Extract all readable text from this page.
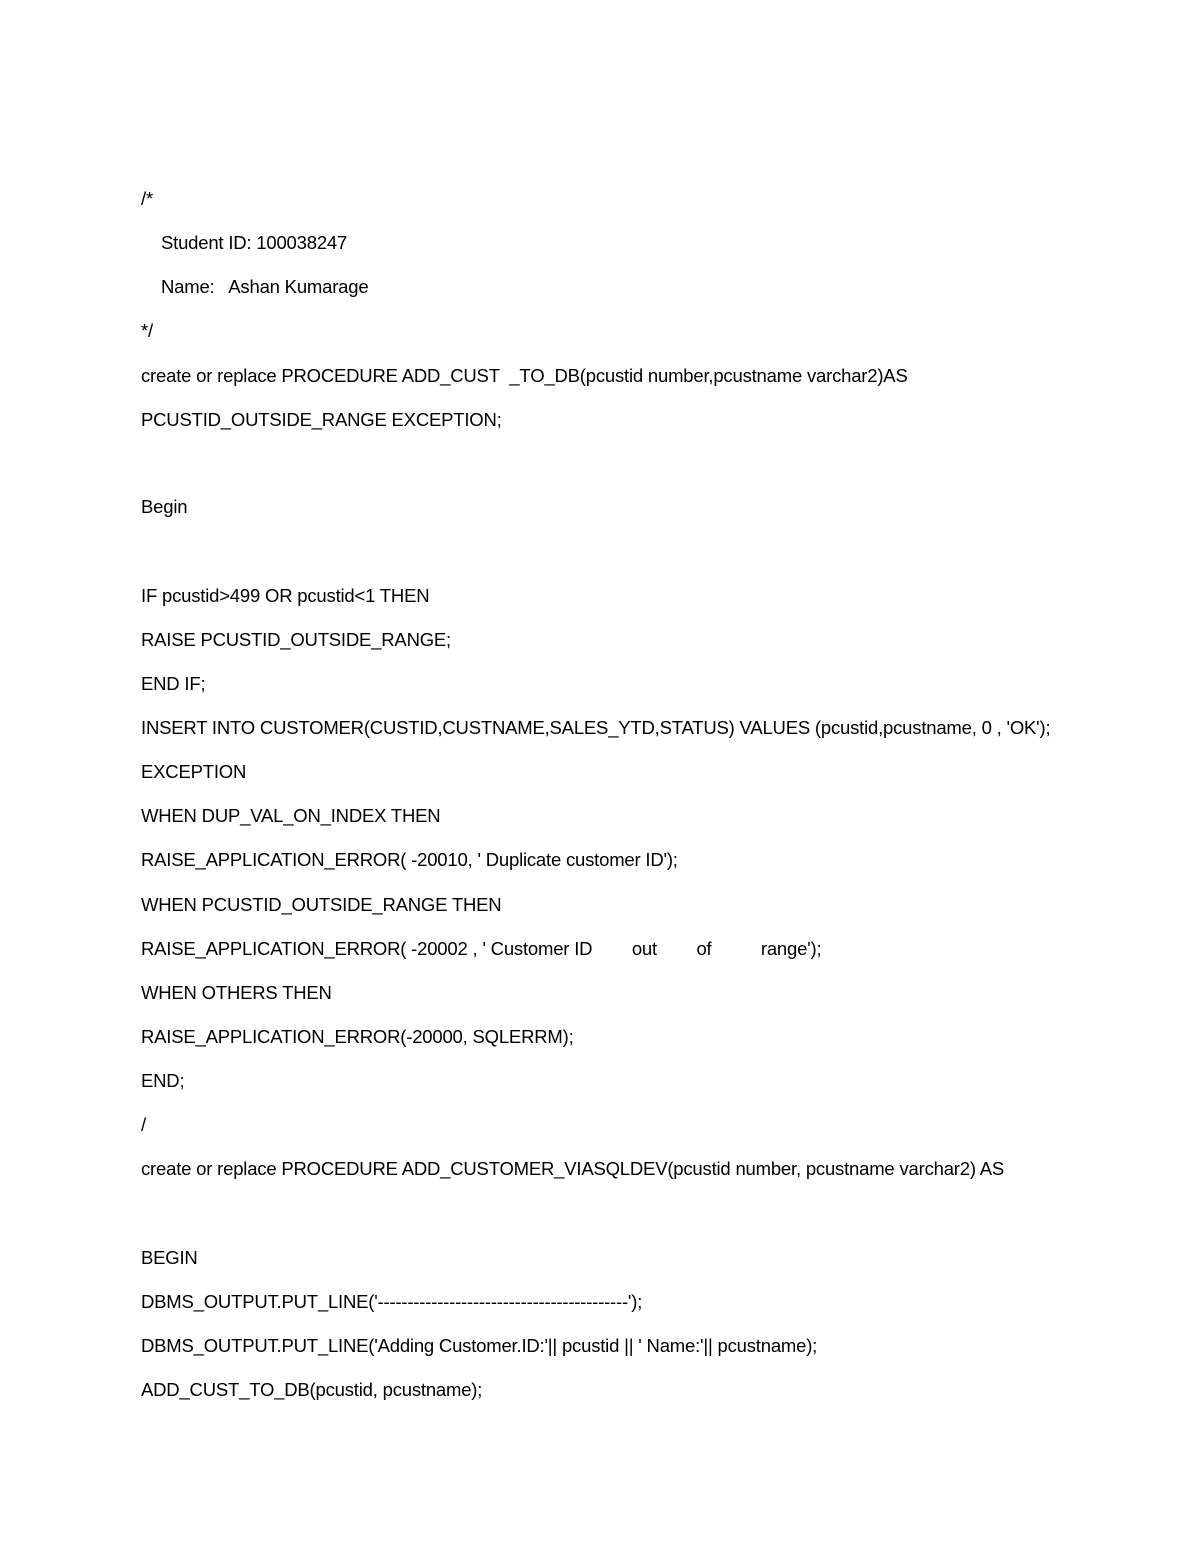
/*
Student ID: 100038247
Name:   Ashan Kumarage
*/
create or replace PROCEDURE ADD_CUST  _TO_DB(pcustid number,pcustname varchar2)AS
PCUSTID_OUTSIDE_RANGE EXCEPTION;
Begin
IF pcustid>499 OR pcustid<1 THEN
RAISE PCUSTID_OUTSIDE_RANGE;
END IF;
INSERT INTO CUSTOMER(CUSTID,CUSTNAME,SALES_YTD,STATUS) VALUES (pcustid,pcustname, 0 , 'OK');
EXCEPTION
WHEN DUP_VAL_ON_INDEX THEN
RAISE_APPLICATION_ERROR( -20010, ' Duplicate customer ID');
WHEN PCUSTID_OUTSIDE_RANGE THEN
RAISE_APPLICATION_ERROR( -20002 , ' Customer ID        out        of          range');
WHEN OTHERS THEN
RAISE_APPLICATION_ERROR(-20000, SQLERRM);
END;
/
create or replace PROCEDURE ADD_CUSTOMER_VIASQLDEV(pcustid number, pcustname varchar2) AS
BEGIN
DBMS_OUTPUT.PUT_LINE('------------------------------------------');
DBMS_OUTPUT.PUT_LINE('Adding Customer.ID:'|| pcustid || ' Name:'|| pcustname);
ADD_CUST_TO_DB(pcustid, pcustname);
